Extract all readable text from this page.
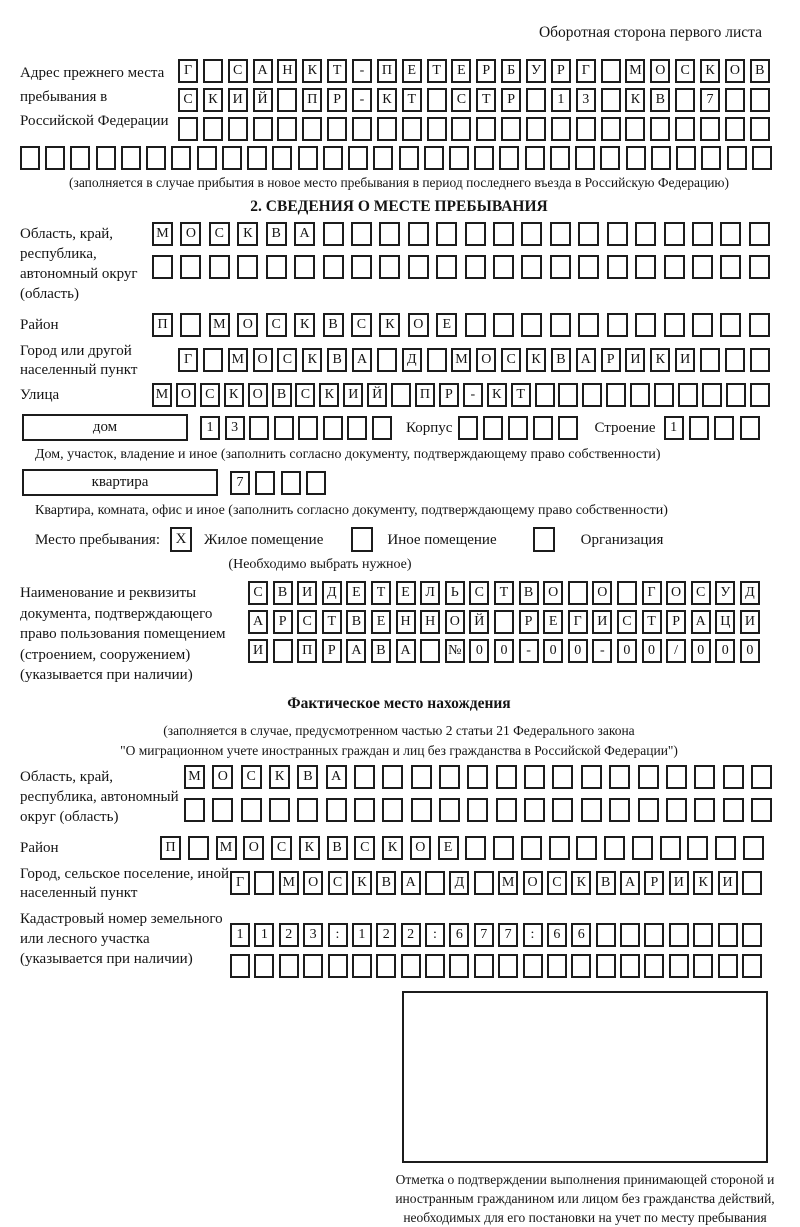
Оборотная сторона первого листа
Адрес прежнего места пребывания в Российской Федерации
Г	С	А	Н	К	Т	-	П	Е	Т	Е	Р	Б	У	Р	Г	М О	С	К	О	В
С	К	И	Й	П	Р	-	К	Т	С	Т	Р	1	3	К	В	7
(заполняется в случае прибытия в новое место пребывания в период последнего въезда в Российскую Федерацию)
2. СВЕДЕНИЯ О МЕСТЕ ПРЕБЫВАНИЯ
Область, край, республика, автономный округ (область)
М	О	С	К	В	А
Район	П	М	О	С	К	В	С	К	О	Е
Город или другой населенный пункт
Г	М О	С	К	В	А	Д	М О	С	К	В	А	Р	И	К	И
Улица	М О	С	К	О	В	С	К	И Й	П	Р	-	К	Т
дом	1	3	Корпус	Строение	1
Дом, участок, владение и иное (заполнить согласно документу, подтверждающему право собственности)
квартира	7
Квартира, комната, офис и иное (заполнить согласно документу, подтверждающему право собственности)
Место пребывания:	X	Жилое помещение	Иное помещение	Организация
(Необходимо выбрать нужное)
Наименование и реквизиты документа, подтверждающего право пользования помещением (строением, сооружением) (указывается при наличии)
С	В	И	Д	Е	Т	Е	Л	Ь	С	Т	В	О	О	Г	О	С	У	Д
А	Р	С	Т	В	Е	Н	Н	О	Й	Р	Е	Г	И	С	Т	Р	А	Ц	И
И	П	Р	А	В	А	№	0	0	-	0	0	-	0	0	/	0	0	0
Фактическое место нахождения
(заполняется в случае, предусмотренном частью 2 статьи 21 Федерального закона
"О миграционном учете иностранных граждан и лиц без гражданства в Российской Федерации")
Область, край, республика, автономный округ (область)
М	О	С	К	В	А
Район	П	М	О	С	К	В	С	К	О	Е
Город, сельское поселение, иной населенный пункт
Г	М О	С	К	В	А	Д	М О	С	К	В	А	Р	И	К	И
Кадастровый номер земельного или лесного участка (указывается при наличии)
1	1	2	3	:	1	2	2	:	6	7	7	:	6	6
Отметка о подтверждении выполнения принимающей стороной и иностранным гражданином или лицом без гражданства действий, необходимых для его постановки на учет по месту пребывания
